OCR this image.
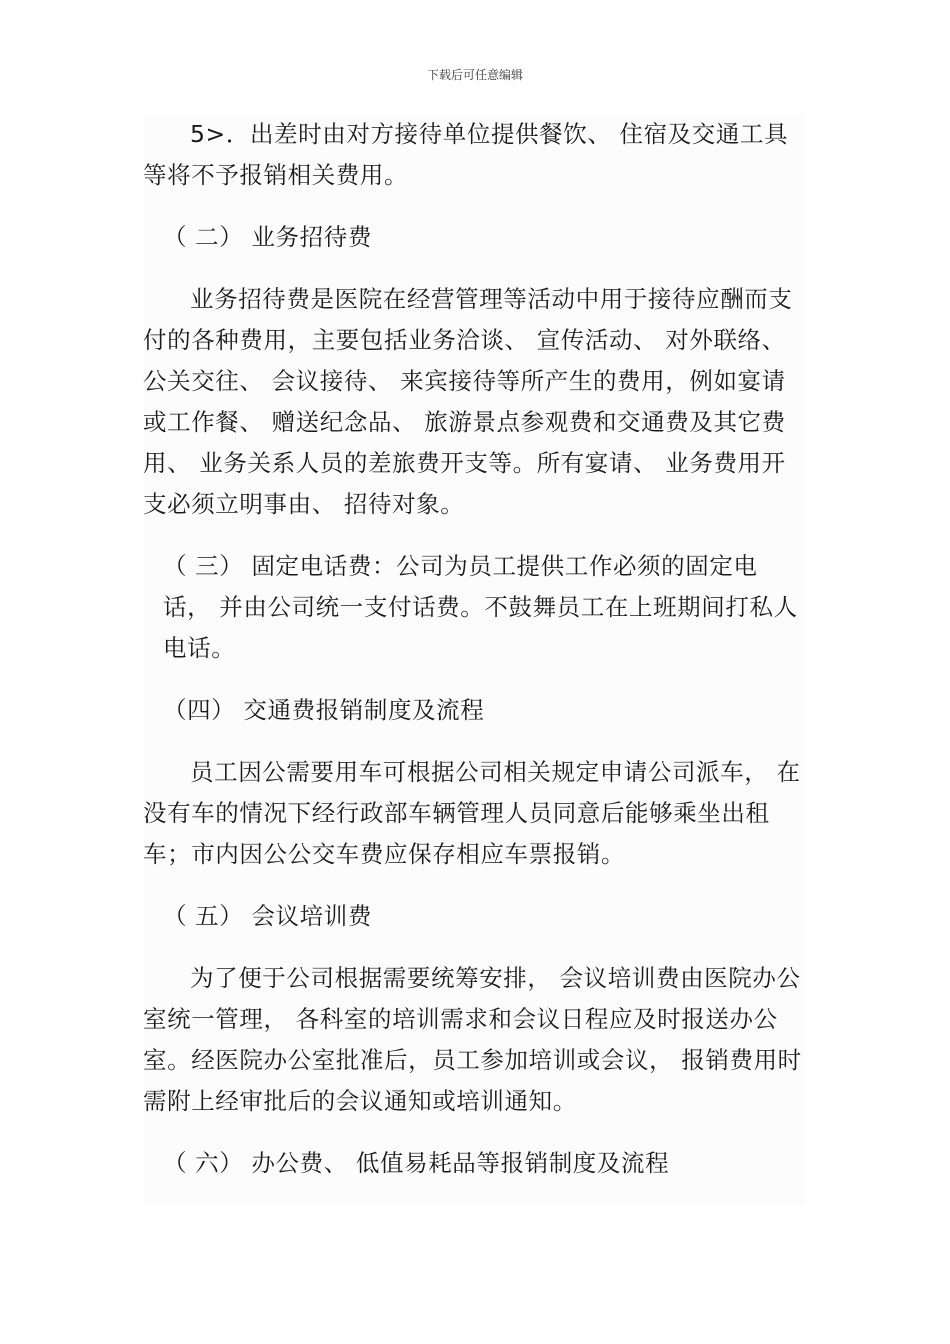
下载后可任意编辑

5>．出差时由对方接待单位提供餐饮、 住宿及交通工具等将不予报销相关费用。

（ 二） 业务招待费

业务招待费是医院在经营管理等活动中用于接待应酬而支付的各种费用，主要包括业务洽谈、 宣传活动、 对外联络、 公关交往、 会议接待、 来宾接待等所产生的费用，例如宴请或工作餐、 赠送纪念品、 旅游景点参观费和交通费及其它费用、 业务关系人员的差旅费开支等。所有宴请、 业务费用开支必须立明事由、 招待对象。

（ 三） 固定电话费：公司为员工提供工作必须的固定电话， 并由公司统一支付话费。不鼓舞员工在上班期间打私人电话。

（四） 交通费报销制度及流程

员工因公需要用车可根据公司相关规定申请公司派车， 在没有车的情况下经行政部车辆管理人员同意后能够乘坐出租车；市内因公公交车费应保存相应车票报销。

（ 五） 会议培训费

为了便于公司根据需要统筹安排， 会议培训费由医院办公室统一管理， 各科室的培训需求和会议日程应及时报送办公室。经医院办公室批准后，员工参加培训或会议， 报销费用时需附上经审批后的会议通知或培训通知。

（ 六） 办公费、 低值易耗品等报销制度及流程
